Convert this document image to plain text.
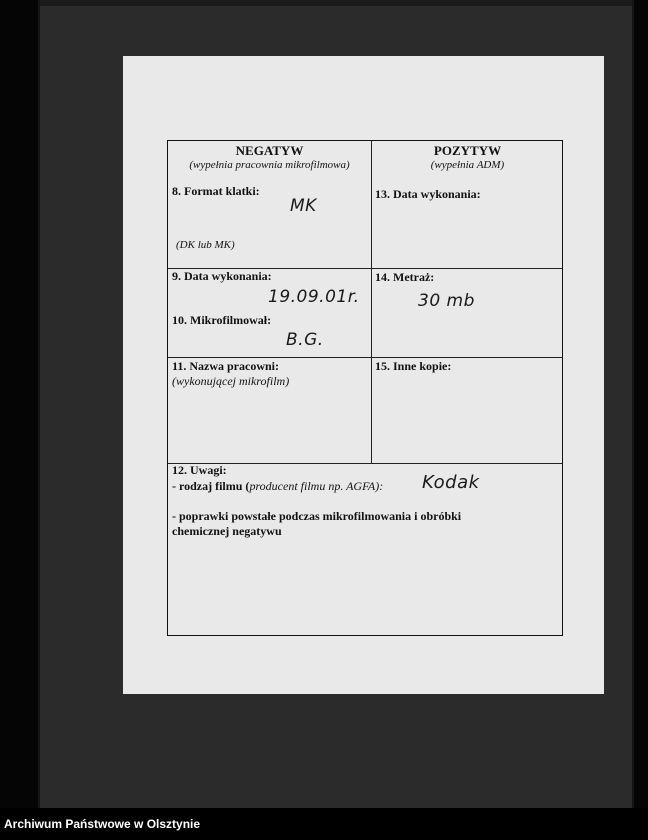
NEGATYW
(wypełnia pracownia mikrofilmowa)
POZYTYW
(wypełnia ADM)
8. Format klatki:
MK
(DK lub MK)
13. Data wykonania:
9. Data wykonania:
19.09.01r.
10. Mikrofilmował:
B.G.
14. Metraż:
30 mb
11. Nazwa pracowni:
(wykonującej mikrofilm)
15. Inne kopie:
12. Uwagi:
- rodzaj filmu (producent filmu np. AGFA): Kodak
- poprawki powstałe podczas mikrofilmowania i obróbki
chemicznej negatywu
Archiwum Państwowe w Olsztynie
